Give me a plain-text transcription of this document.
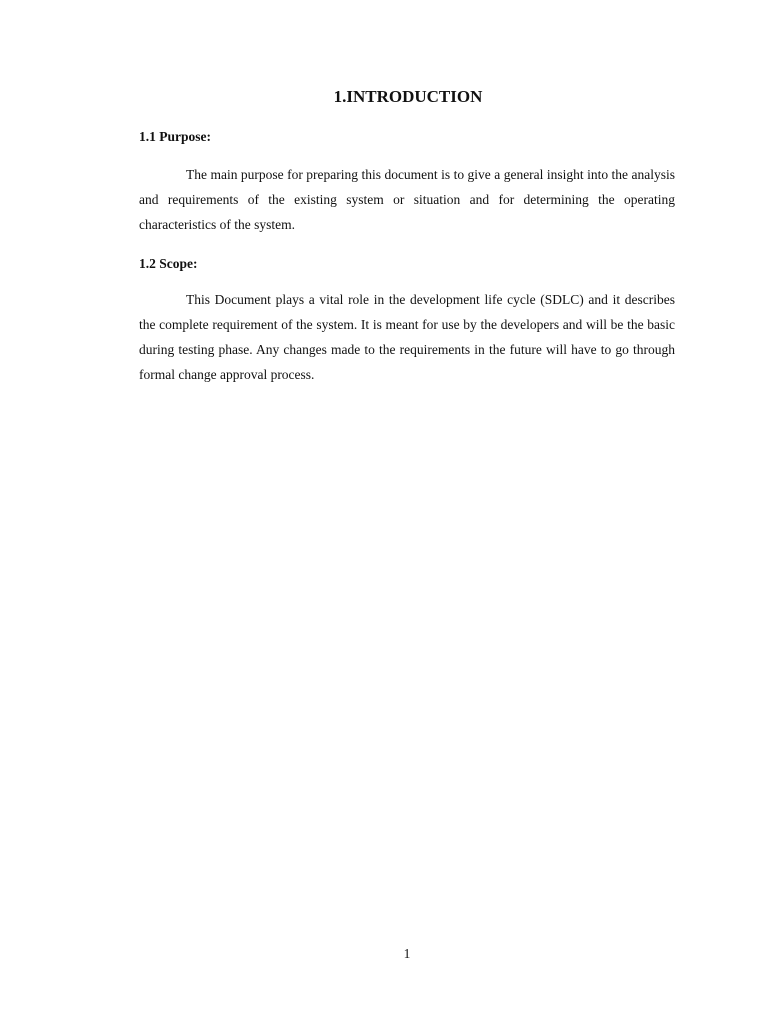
1.INTRODUCTION
1.1 Purpose:

The main purpose for preparing this document is to give a general insight into the analysis and requirements of the existing system or situation and for determining the operating characteristics of the system.

1.2 Scope:

This Document plays a vital role in the development life cycle (SDLC) and it describes the complete requirement of the system. It is meant for use by the developers and will be the basic during testing phase. Any changes made to the requirements in the future will have to go through formal change approval process.

1
